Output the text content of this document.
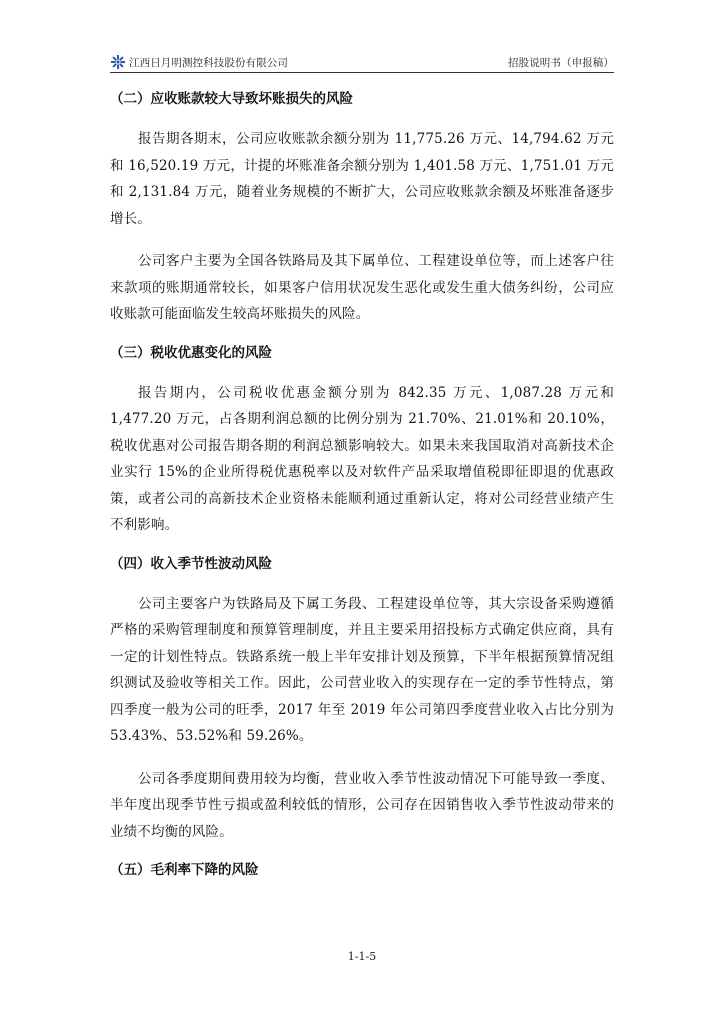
江西日月明测控科技股份有限公司	招股说明书（申报稿）
（二）应收账款较大导致坏账损失的风险

报告期各期末，公司应收账款余额分别为 11,775.26 万元、14,794.62 万元和 16,520.19 万元，计提的坏账准备余额分别为 1,401.58 万元、1,751.01 万元和 2,131.84 万元，随着业务规模的不断扩大，公司应收账款余额及坏账准备逐步增长。

公司客户主要为全国各铁路局及其下属单位、工程建设单位等，而上述客户往来款项的账期通常较长，如果客户信用状况发生恶化或发生重大债务纠纷，公司应收账款可能面临发生较高坏账损失的风险。

（三）税收优惠变化的风险

报告期内，公司税收优惠金额分别为 842.35 万元、1,087.28 万元和 1,477.20 万元，占各期利润总额的比例分别为 21.70%、21.01%和 20.10%，税收优惠对公司报告期各期的利润总额影响较大。如果未来我国取消对高新技术企业实行 15%的企业所得税优惠税率以及对软件产品采取增值税即征即退的优惠政策，或者公司的高新技术企业资格未能顺利通过重新认定，将对公司经营业绩产生不利影响。

（四）收入季节性波动风险

公司主要客户为铁路局及下属工务段、工程建设单位等，其大宗设备采购遵循严格的采购管理制度和预算管理制度，并且主要采用招投标方式确定供应商，具有一定的计划性特点。铁路系统一般上半年安排计划及预算，下半年根据预算情况组织测试及验收等相关工作。因此，公司营业收入的实现存在一定的季节性特点，第四季度一般为公司的旺季，2017 年至 2019 年公司第四季度营业收入占比分别为 53.43%、53.52%和 59.26%。

公司各季度期间费用较为均衡，营业收入季节性波动情况下可能导致一季度、半年度出现季节性亏损或盈利较低的情形，公司存在因销售收入季节性波动带来的业绩不均衡的风险。

（五）毛利率下降的风险
1-1-5
